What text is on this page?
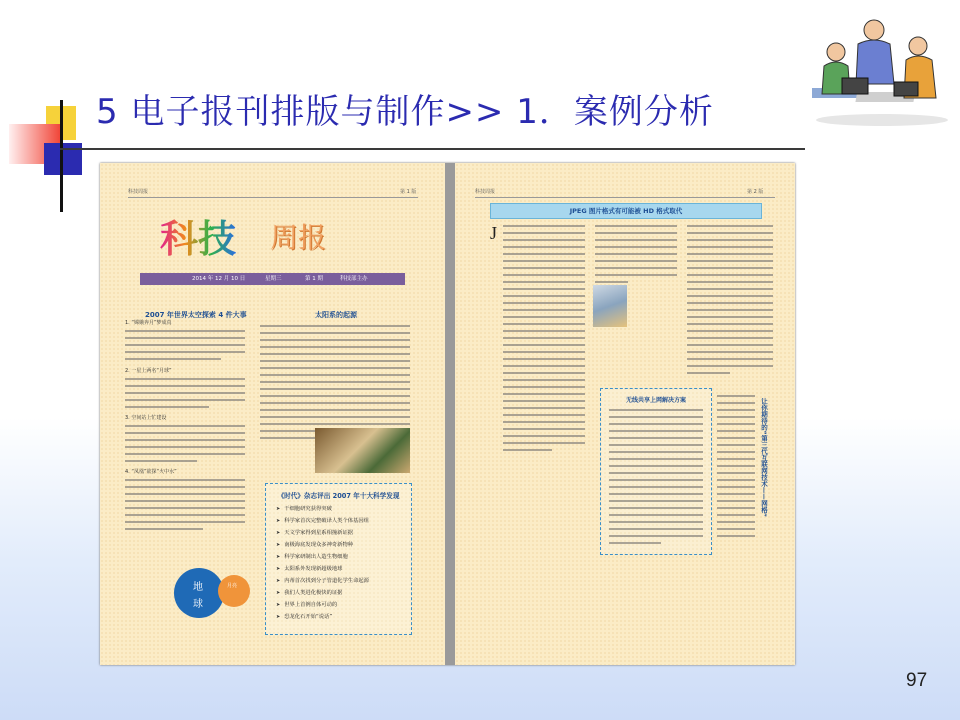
5 电子报刊排版与制作>> 1．案例分析
科技周报	第 1 版
科技 周报
2014 年 12 月 10 日	星期三	第 1 期	科技部主办
2007 年世界太空探索 4 件大事
1. “嫦娥奔月”梦成真
2. 一星上两名“月球”
3. 空间站上忙建设
4. “凤凰”欲探“火中水”
地
球
月亮
太阳系的起源
《时代》杂志评出 2007 年十大科学发现
➤ 干细胞研究获得突破
➤ 科学家首次完整破译人类个体基因组
➤ 天文学家得到星系相撞新证据
➤ 南极海底发现众多神奇新物种
➤ 科学家研制出人造生物细胞
➤ 太阳系外发现新超级地球
➤ 内蒂首次找到分子管道化学生命起源
➤ 我们人类进化极快的证据
➤ 世界上首例自体可动的
➤ 恐龙化石开始“说话”
科技周报	第 2 版
JPEG 图片格式有可能被 HD 格式取代
J
无线共享上网解决方案	让你期待的“第三代互联网技术——网格”
97
